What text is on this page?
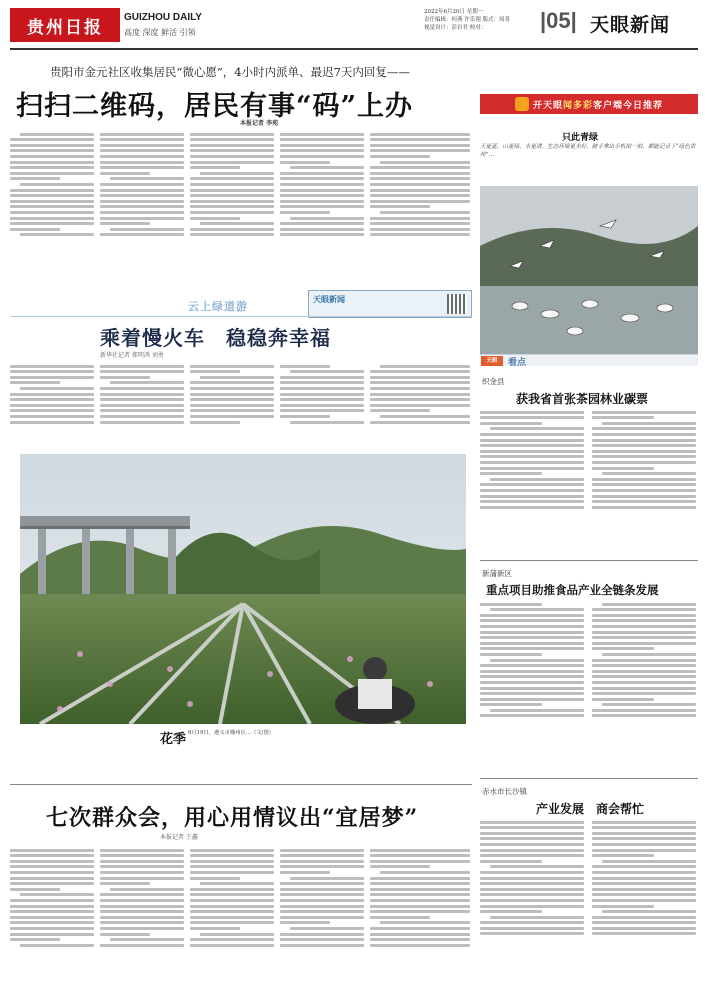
贵州日报	GUIZHOU DAILY
高度 深度 鲜活 引领
2022年6月20日 星期一
责任编辑：何燕 许乐翔 版式：周菁
视觉设计：彭岩君 校对：	|05| 天眼新闻
贵阳市金元社区收集居民“微心愿”，4小时内派单、最迟7天内回复——
扫扫二维码，居民有事“码”上办
本报记者 李苑
云上绿道游
天眼新闻
乘着慢火车　稳稳奔幸福
新华社记者 郑明鸿 刘勇
花季 6月19日，遵义市播州区…（文/图）
七次群众会，用心用情议出“宜居梦”
本报记者 王鑫
开天眼 闻多彩 客户端今日推荐
只此青绿
天更蓝、山更绿、水更清，生态环境更美好。随手拿出手机拍一拍，都能记录下“绿色贵州”…
天眼	看点
织金县
获我省首张茶园林业碳票
新蒲新区
重点项目助推食品产业全链条发展
赤水市长沙镇
产业发展　商会帮忙
